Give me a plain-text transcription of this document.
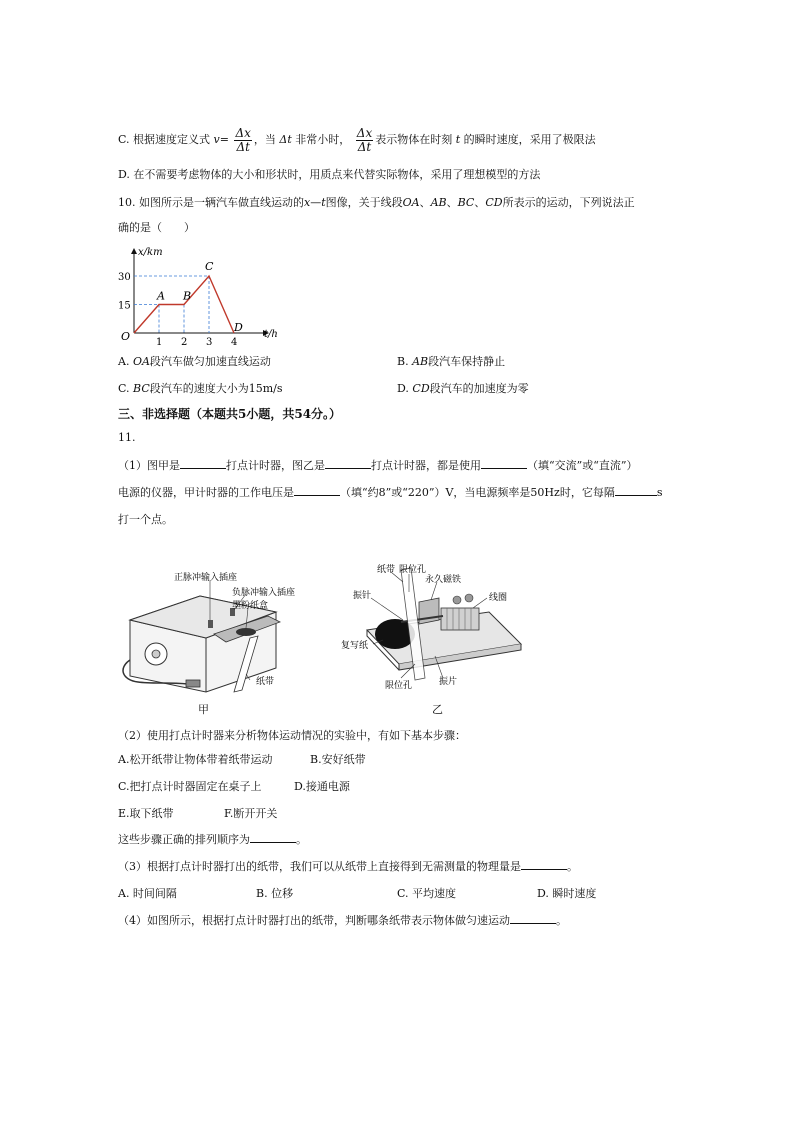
C. 根据速度定义式 $v= \frac{\Delta x}{\Delta t}$ ，当 Δt 非常小时， $\frac{\Delta x}{\Delta t}$ 表示物体在时刻 t 的瞬时速度，采用了极限法
D. 在不需要考虑物体的大小和形状时，用质点来代替实际物体，采用了理想模型的方法
10. 如图所示是一辆汽车做直线运动的x—t图像，关于线段OA、AB、BC、CD所表示的运动，下列说法正
确的是（　　）
x/km
t/h
O
30
15
1 2 3 4
A B
C
D
A. OA段汽车做匀加速直线运动	B. AB段汽车保持静止
C. BC段汽车的速度大小为15m/s	D. CD段汽车的加速度为零
三、非选择题（本题共5小题，共54分。）
11.
（1）图甲是	打点计时器，图乙是	打点计时器，都是使用	（填“交流”或“直流”）
电源的仪器，甲计时器的工作电压是	（填“约8”或“220”）V，当电源频率是50Hz时，它每隔	s
打一个点。
正脉冲输入插座
负脉冲输入插座
墨粉纸盒
纸带
纸带 限位孔
永久磁铁
振针	线圈
复写纸
限位孔	振片
甲	乙
（2）使用打点计时器来分析物体运动情况的实验中，有如下基本步骤：
A.松开纸带让物体带着纸带运动	B.安好纸带
C.把打点计时器固定在桌子上	D.接通电源
E.取下纸带	F.断开开关
这些步骤正确的排列顺序为	。
（3）根据打点计时器打出的纸带，我们可以从纸带上直接得到无需测量的物理量是	。
A. 时间间隔	B. 位移	C. 平均速度	D. 瞬时速度
（4）如图所示，根据打点计时器打出的纸带，判断哪条纸带表示物体做匀速运动	。
